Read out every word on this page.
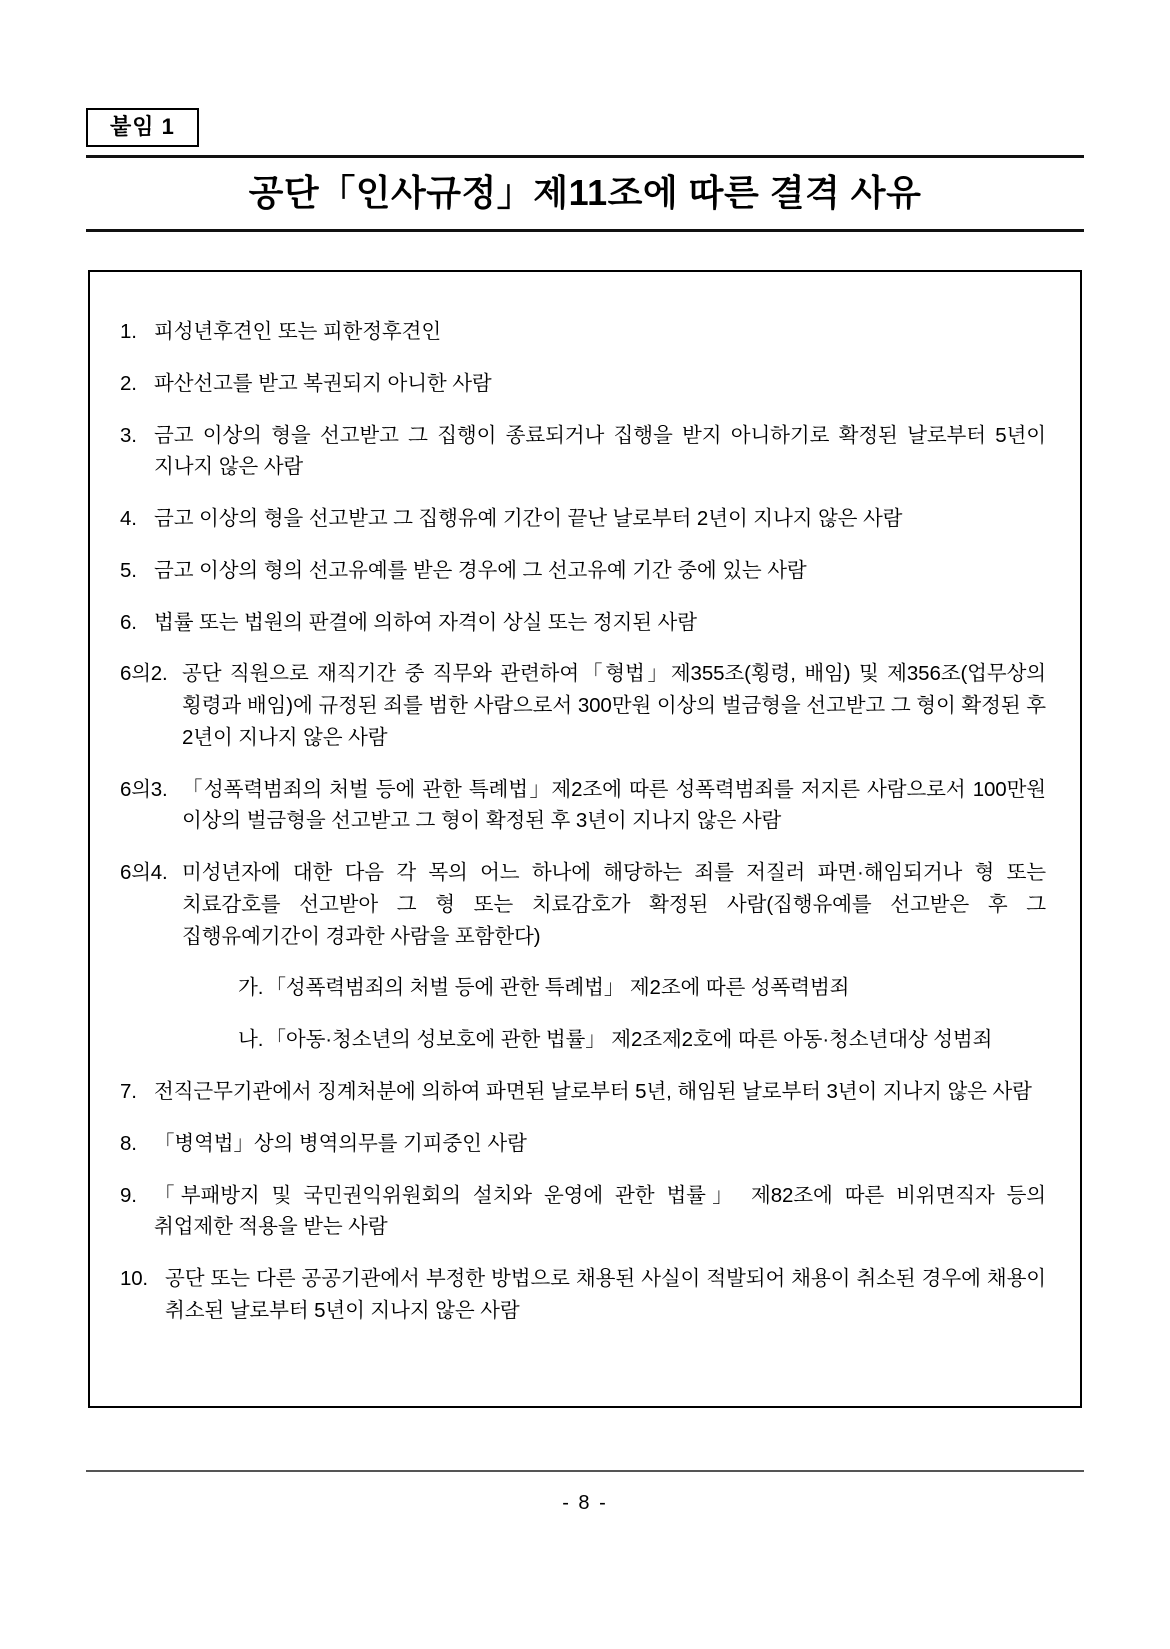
붙임 1
공단「인사규정」제11조에 따른 결격 사유
1. 피성년후견인 또는 피한정후견인
2. 파산선고를 받고 복권되지 아니한 사람
3. 금고 이상의 형을 선고받고 그 집행이 종료되거나 집행을 받지 아니하기로 확정된 날로부터 5년이 지나지 않은 사람
4. 금고 이상의 형을 선고받고 그 집행유예 기간이 끝난 날로부터 2년이 지나지 않은 사람
5. 금고 이상의 형의 선고유예를 받은 경우에 그 선고유예 기간 중에 있는 사람
6. 법률 또는 법원의 판결에 의하여 자격이 상실 또는 정지된 사람
6의2. 공단 직원으로 재직기간 중 직무와 관련하여「형법」제355조(횡령, 배임) 및 제356조(업무상의 횡령과 배임)에 규정된 죄를 범한 사람으로서 300만원 이상의 벌금형을 선고받고 그 형이 확정된 후 2년이 지나지 않은 사람
6의3. 「성폭력범죄의 처벌 등에 관한 특례법」제2조에 따른 성폭력범죄를 저지른 사람으로서 100만원 이상의 벌금형을 선고받고 그 형이 확정된 후 3년이 지나지 않은 사람
6의4. 미성년자에 대한 다음 각 목의 어느 하나에 해당하는 죄를 저질러 파면·해임되거나 형 또는 치료감호를 선고받아 그 형 또는 치료감호가 확정된 사람(집행유예를 선고받은 후 그 집행유예기간이 경과한 사람을 포함한다)
가. 「성폭력범죄의 처벌 등에 관한 특례법」 제2조에 따른 성폭력범죄
나. 「아동·청소년의 성보호에 관한 법률」 제2조제2호에 따른 아동·청소년대상 성범죄
7. 전직근무기관에서 징계처분에 의하여 파면된 날로부터 5년, 해임된 날로부터 3년이 지나지 않은 사람
8. 「병역법」상의 병역의무를 기피중인 사람
9. 「부패방지 및 국민권익위원회의 설치와 운영에 관한 법률」 제82조에 따른 비위면직자 등의 취업제한 적용을 받는 사람
10. 공단 또는 다른 공공기관에서 부정한 방법으로 채용된 사실이 적발되어 채용이 취소된 경우에 채용이 취소된 날로부터 5년이 지나지 않은 사람
- 8 -
